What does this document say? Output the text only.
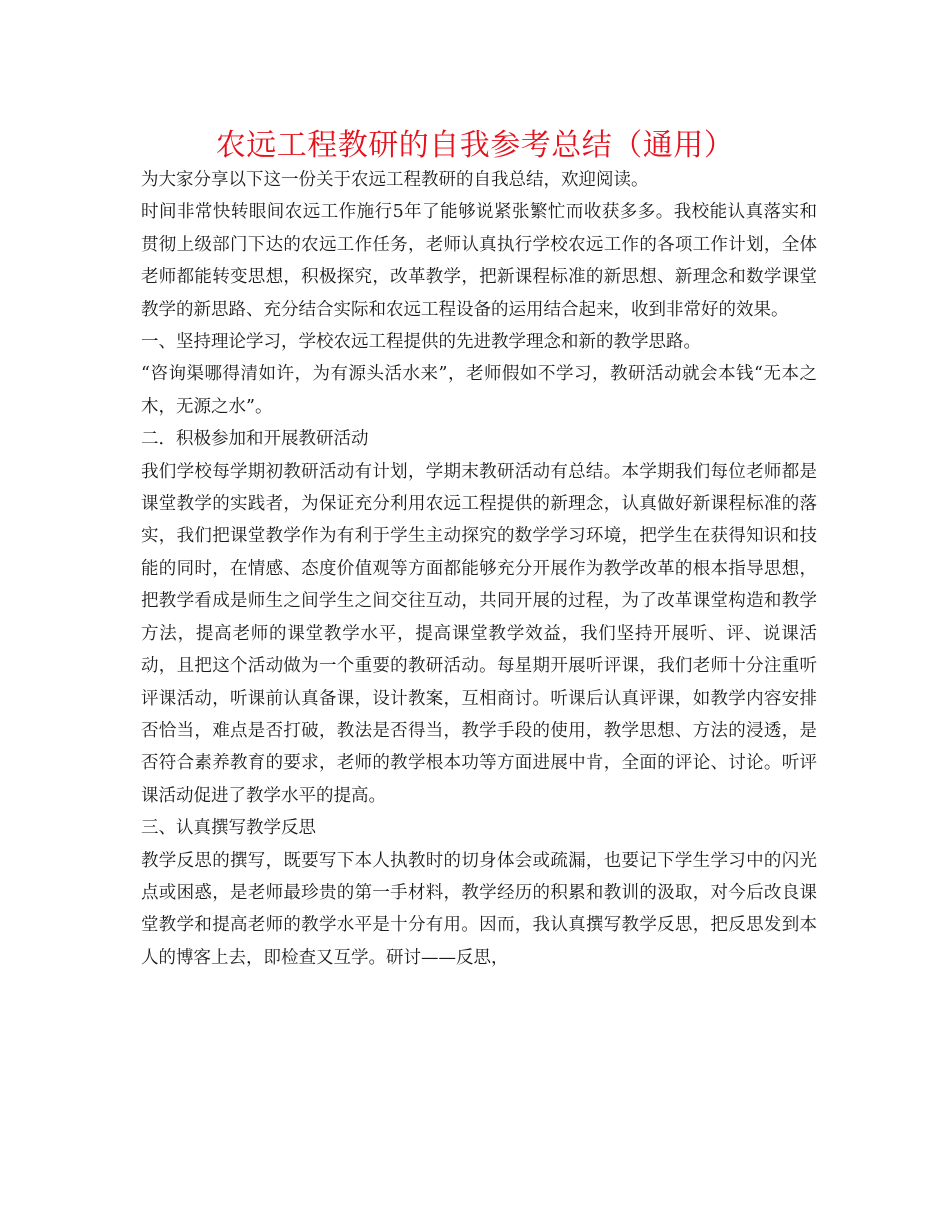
农远工程教研的自我参考总结（通用）

为大家分享以下这一份关于农远工程教研的自我总结，欢迎阅读。

时间非常快转眼间农远工作施行5年了能够说紧张繁忙而收获多多。我校能认真落实和贯彻上级部门下达的农远工作任务，老师认真执行学校农远工作的各项工作计划，全体老师都能转变思想，积极探究，改革教学，把新课程标准的新思想、新理念和数学课堂教学的新思路、充分结合实际和农远工程设备的运用结合起来，收到非常好的效果。

一、坚持理论学习，学校农远工程提供的先进教学理念和新的教学思路。

“咨询渠哪得清如许，为有源头活水来”，老师假如不学习，教研活动就会本钱“无本之木，无源之水”。

二．积极参加和开展教研活动

我们学校每学期初教研活动有计划，学期末教研活动有总结。本学期我们每位老师都是课堂教学的实践者，为保证充分利用农远工程提供的新理念，认真做好新课程标准的落实，我们把课堂教学作为有利于学生主动探究的数学学习环境，把学生在获得知识和技能的同时，在情感、态度价值观等方面都能够充分开展作为教学改革的根本指导思想，把教学看成是师生之间学生之间交往互动，共同开展的过程，为了改革课堂构造和教学方法，提高老师的课堂教学水平，提高课堂教学效益，我们坚持开展听、评、说课活动，且把这个活动做为一个重要的教研活动。每星期开展听评课，我们老师十分注重听评课活动，听课前认真备课，设计教案，互相商讨。听课后认真评课，如教学内容安排否恰当，难点是否打破，教法是否得当，教学手段的使用，教学思想、方法的浸透，是否符合素养教育的要求，老师的教学根本功等方面进展中肯，全面的评论、讨论。听评课活动促进了教学水平的提高。

三、认真撰写教学反思

教学反思的撰写，既要写下本人执教时的切身体会或疏漏，也要记下学生学习中的闪光点或困惑，是老师最珍贵的第一手材料，教学经历的积累和教训的汲取，对今后改良课堂教学和提高老师的教学水平是十分有用。因而，我认真撰写教学反思，把反思发到本人的博客上去，即检查又互学。研讨——反思，
